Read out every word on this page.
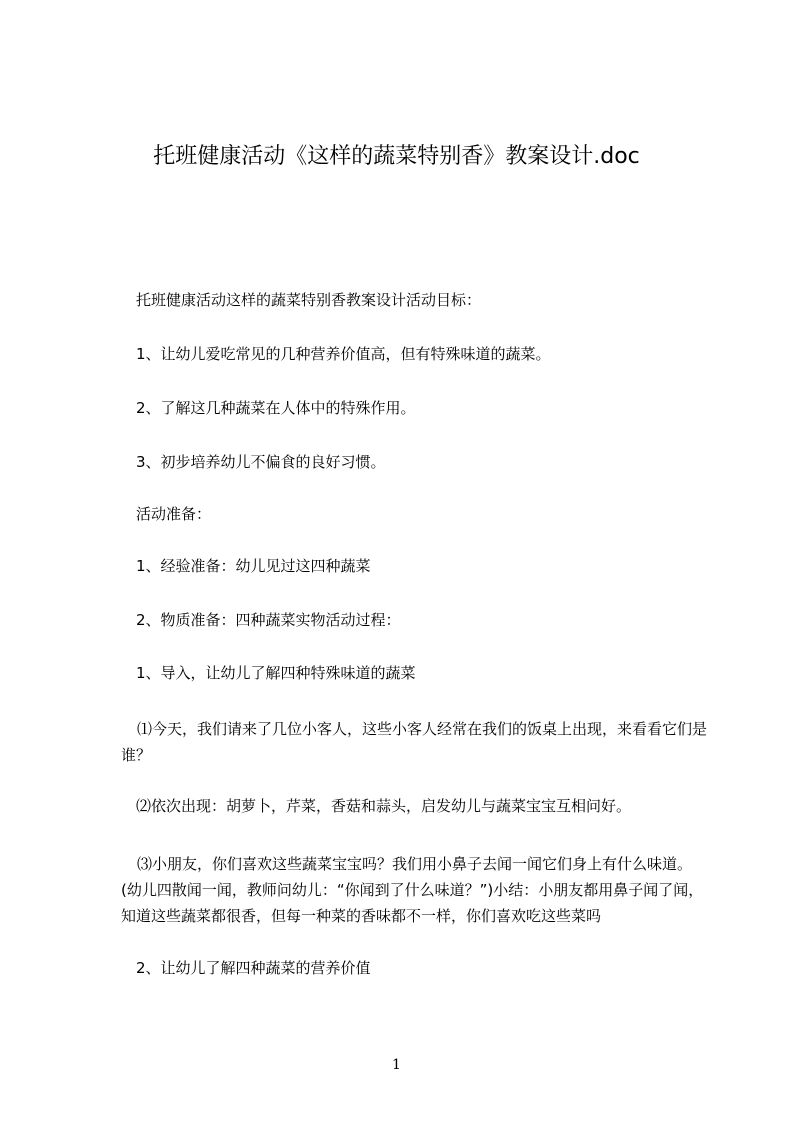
托班健康活动《这样的蔬菜特别香》教案设计.doc
托班健康活动这样的蔬菜特别香教案设计活动目标：
1、让幼儿爱吃常见的几种营养价值高，但有特殊味道的蔬菜。
2、了解这几种蔬菜在人体中的特殊作用。
3、初步培养幼儿不偏食的良好习惯。
活动准备：
1、经验准备：幼儿见过这四种蔬菜
2、物质准备：四种蔬菜实物活动过程：
1、导入，让幼儿了解四种特殊味道的蔬菜
⑴今天，我们请来了几位小客人，这些小客人经常在我们的饭桌上出现，来看看它们是谁？
⑵依次出现：胡萝卜，芹菜，香菇和蒜头，启发幼儿与蔬菜宝宝互相问好。
⑶小朋友，你们喜欢这些蔬菜宝宝吗？我们用小鼻子去闻一闻它们身上有什么味道。(幼儿四散闻一闻，教师问幼儿：“你闻到了什么味道？”)小结：小朋友都用鼻子闻了闻，知道这些蔬菜都很香，但每一种菜的香味都不一样，你们喜欢吃这些菜吗
2、让幼儿了解四种蔬菜的营养价值
1
